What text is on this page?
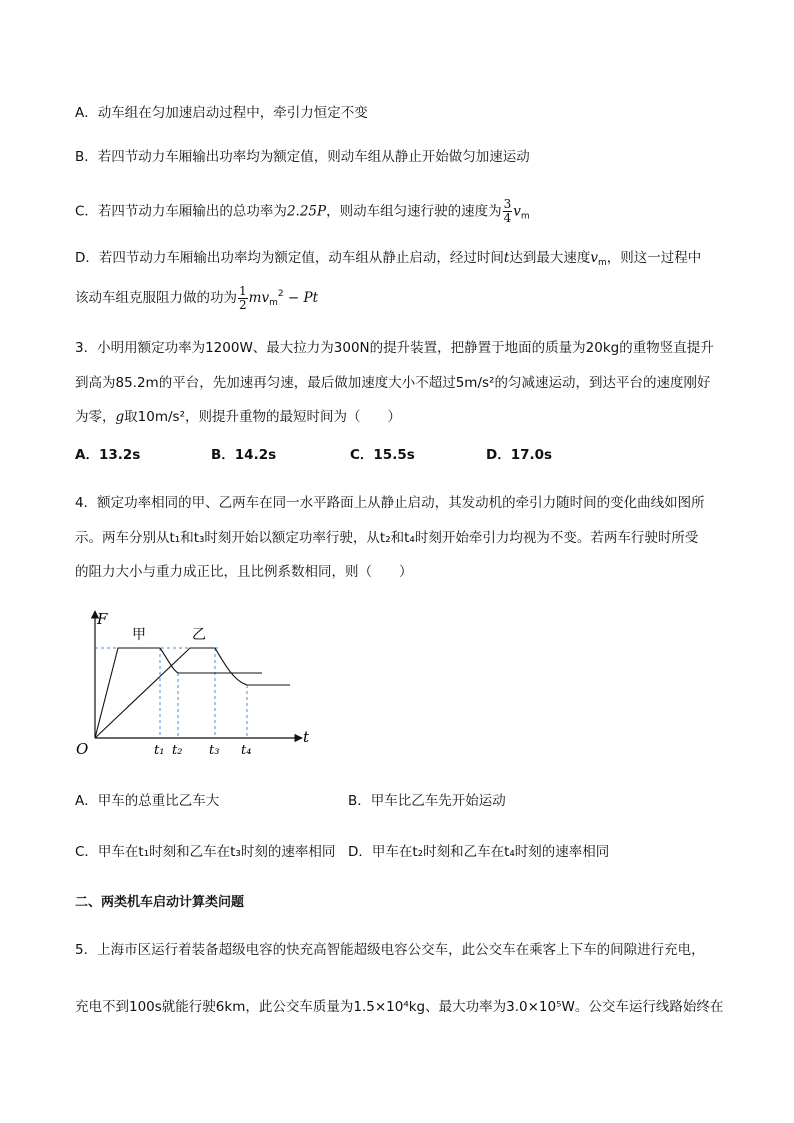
A．动车组在匀加速启动过程中，牵引力恒定不变
B．若四节动力车厢输出功率均为额定值，则动车组从静止开始做匀加速运动
C．若四节动力车厢输出的总功率为2.25P，则动车组匀速行驶的速度为 $\frac{3}{4} v_m$
D．若四节动力车厢输出功率均为额定值，动车组从静止启动，经过时间t达到最大速度$v_m$，则这一过程中
该动车组克服阻力做的功为 $\frac{1}{2} mv_m^2 - Pt$
3．小明用额定功率为1200W、最大拉力为300N的提升装置，把静置于地面的质量为20kg的重物竖直提升
到高为85.2m的平台，先加速再匀速，最后做加速度大小不超过5m/s²的匀减速运动，到达平台的速度刚好
为零，g取10m/s²，则提升重物的最短时间为（　　）
A．13.2s	B．14.2s	C．15.5s	D．17.0s
4．额定功率相同的甲、乙两车在同一水平路面上从静止启动，其发动机的牵引力随时间的变化曲线如图所
示。两车分别从t₁和t₃时刻开始以额定功率行驶，从t₂和t₄时刻开始牵引力均视为不变。若两车行驶时所受
的阻力大小与重力成正比，且比例系数相同，则（　　）
F
t
O
甲	乙
t₁ t₂ t₃ t₄
A．甲车的总重比乙车大	B．甲车比乙车先开始运动
C．甲车在t₁时刻和乙车在t₃时刻的速率相同 D．甲车在t₂时刻和乙车在t₄时刻的速率相同
二、两类机车启动计算类问题
5．上海市区运行着装备超级电容的快充高智能超级电容公交车，此公交车在乘客上下车的间隙进行充电，
充电不到100s就能行驶6km，此公交车质量为1.5×10⁴kg、最大功率为3.0×10⁵W。公交车运行线路始终在
